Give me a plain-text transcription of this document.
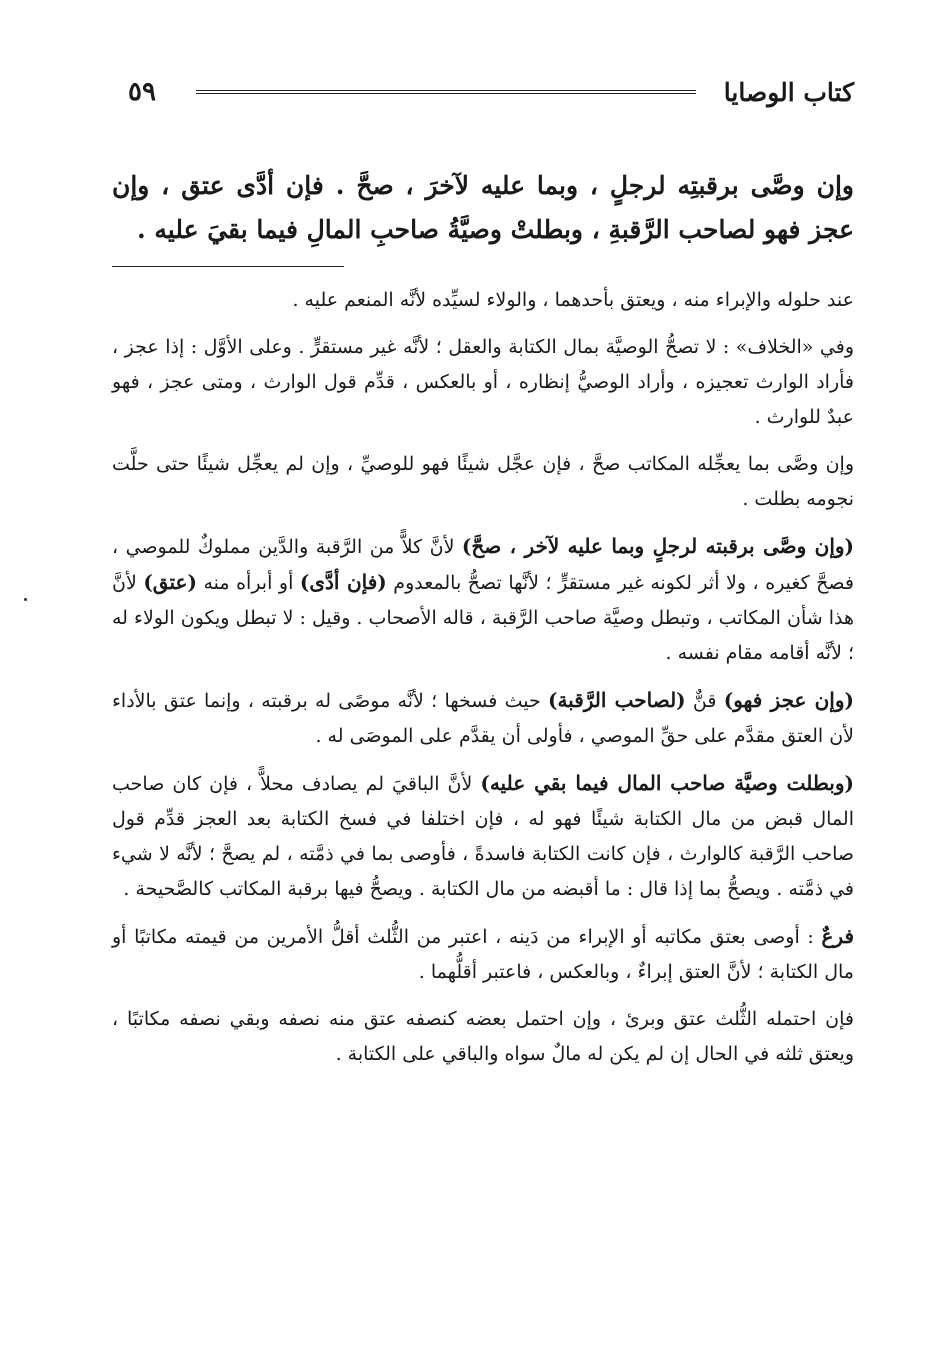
كتاب الوصايا
٥٩
وإن وصَّى برقبتِه لرجلٍ ، وبما عليه لآخرَ ، صحَّ . فإن أدَّى عتق ، وإن عجز فهو لصاحب الرَّقبةِ ، وبطلتْ وصيَّةُ صاحبِ المالِ فيما بقيَ عليه .

عند حلوله والإبراء منه ، ويعتق بأحدهما ، والولاء لسيِّده لأنَّه المنعم عليه .

وفي «الخلاف» : لا تصحُّ الوصيَّة بمال الكتابة والعقل ؛ لأنَّه غير مستقرٍّ . وعلى الأوَّل : إذا عجز ، فأراد الوارث تعجيزه ، وأراد الوصيُّ إنظاره ، أو بالعكس ، قدِّم قول الوارث ، ومتى عجز ، فهو عبدٌ للوارث .

وإن وصَّى بما يعجِّله المكاتب صحَّ ، فإن عجَّل شيئًا فهو للوصيِّ ، وإن لم يعجِّل شيئًا حتى حلَّت نجومه بطلت .

(وإن وصَّى برقبته لرجلٍ وبما عليه لآخر ، صحَّ) لأنَّ كلاًّ من الرَّقبة والدَّين مملوكٌ للموصي ، فصحَّ كغيره ، ولا أثر لكونه غير مستقرٍّ ؛ لأنَّها تصحُّ بالمعدوم (فإن أدَّى) أو أبرأه منه (عتق) لأنَّ هذا شأن المكاتب ، وتبطل وصيَّة صاحب الرَّقبة ، قاله الأصحاب . وقيل : لا تبطل ويكون الولاء له ؛ لأنَّه أقامه مقام نفسه .

(وإن عجز فهو) قنٌّ (لصاحب الرَّقبة) حيث فسخها ؛ لأنَّه موصًى له برقبته ، وإنما عتق بالأداء لأن العتق مقدَّم على حقِّ الموصي ، فأولى أن يقدَّم على الموصَى له .

(وبطلت وصيَّة صاحب المال فيما بقي عليه) لأنَّ الباقيَ لم يصادف محلاًّ ، فإن كان صاحب المال قبض من مال الكتابة شيئًا فهو له ، فإن اختلفا في فسخ الكتابة بعد العجز قدِّم قول صاحب الرَّقبة كالوارث ، فإن كانت الكتابة فاسدةً ، فأوصى بما في ذمَّته ، لم يصحَّ ؛ لأنَّه لا شيء في ذمَّته . ويصحُّ بما إذا قال : ما أقبضه من مال الكتابة . ويصحُّ فيها برقبة المكاتب كالصَّحيحة .

فرعٌ : أوصى بعتق مكاتبه أو الإبراء من دَينه ، اعتبر من الثُّلث أقلُّ الأمرين من قيمته مكاتبًا أو مال الكتابة ؛ لأنَّ العتق إبراءٌ ، وبالعكس ، فاعتبر أقلُّهما .

فإن احتمله الثُّلث عتق وبرئ ، وإن احتمل بعضه كنصفه عتق منه نصفه وبقي نصفه مكاتبًا ، ويعتق ثلثه في الحال إن لم يكن له مالٌ سواه والباقي على الكتابة .
